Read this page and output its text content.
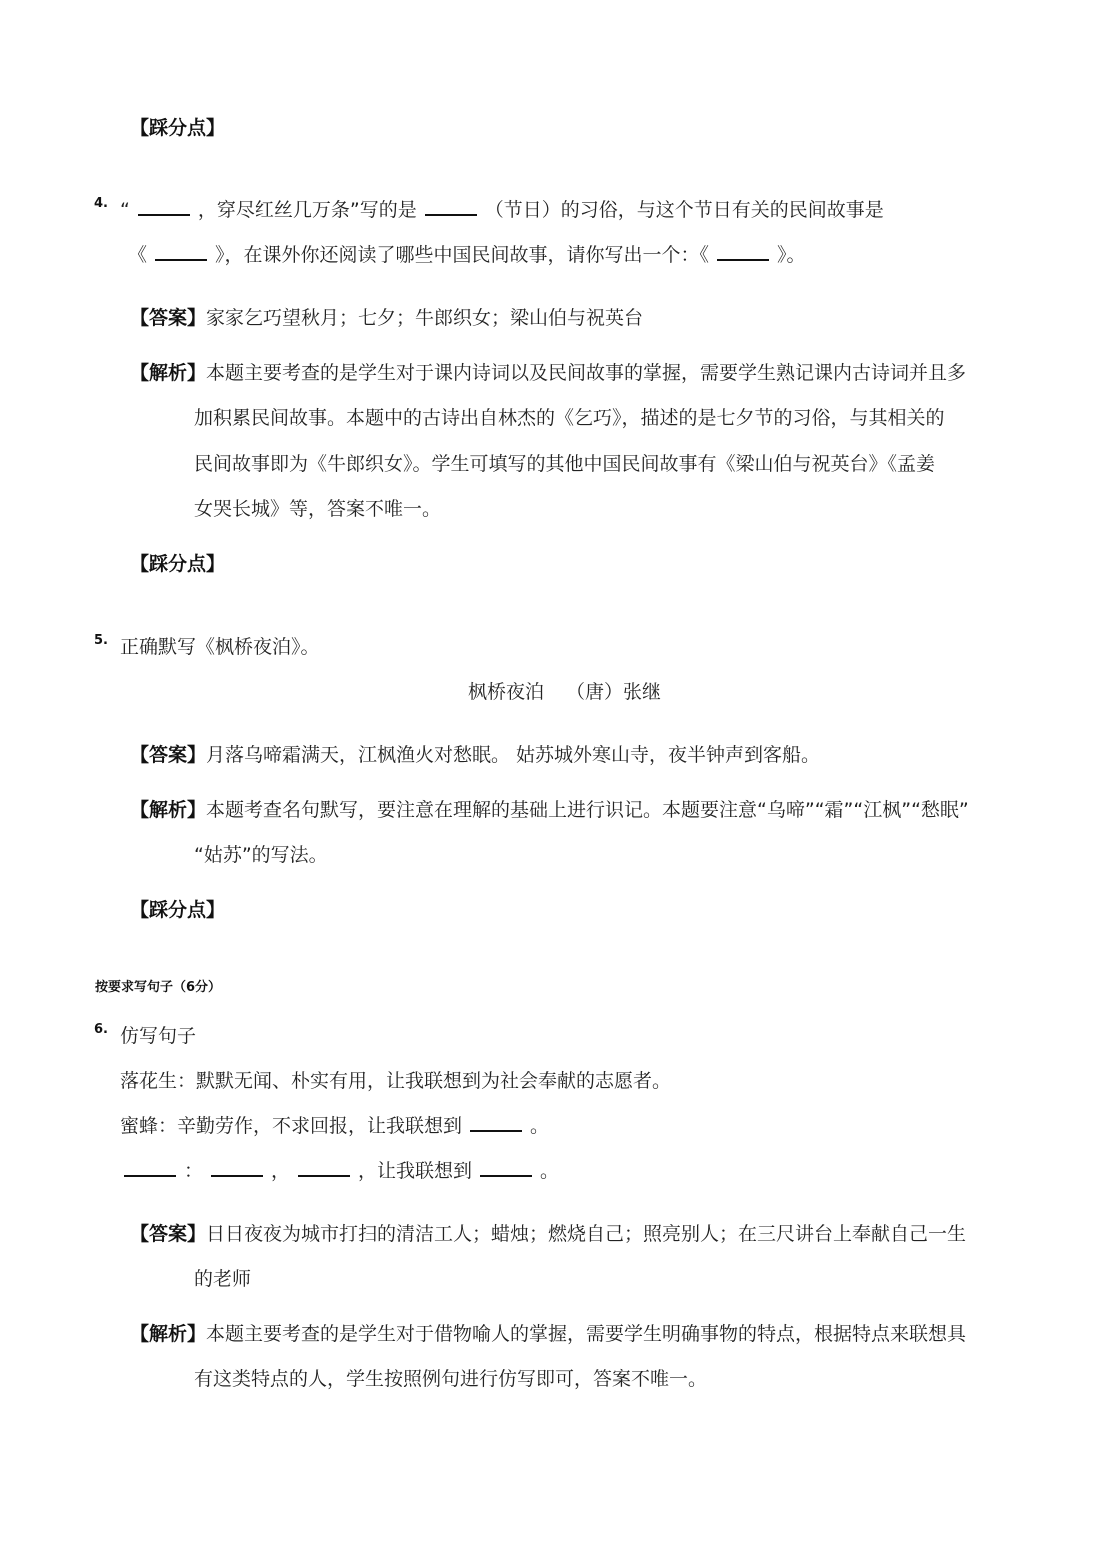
【踩分点】
4. “	，穿尽红丝几万条”写的是	（节日）的习俗，与这个节日有关的民间故事是
《	》，在课外你还阅读了哪些中国民间故事，请你写出一个：《	》。
【答案】家家乞巧望秋月；七夕；牛郎织女；梁山伯与祝英台
【解析】本题主要考查的是学生对于课内诗词以及民间故事的掌握，需要学生熟记课内古诗词并且多
加积累民间故事。本题中的古诗出自林杰的《乞巧》，描述的是七夕节的习俗，与其相关的
民间故事即为《牛郎织女》。学生可填写的其他中国民间故事有《梁山伯与祝英台》《孟姜
女哭长城》等，答案不唯一。
【踩分点】
5. 正确默写《枫桥夜泊》。
枫桥夜泊 （唐）张继
【答案】月落乌啼霜满天，江枫渔火对愁眠。 姑苏城外寒山寺，夜半钟声到客船。
【解析】本题考查名句默写，要注意在理解的基础上进行识记。本题要注意“乌啼”“霜”“江枫”“愁眠”
“姑苏”的写法。
【踩分点】
按要求写句子（6分）
6. 仿写句子
落花生：默默无闻、朴实有用，让我联想到为社会奉献的志愿者。
蜜蜂：辛勤劳作，不求回报，让我联想到	。
：	，	，让我联想到	。
【答案】日日夜夜为城市打扫的清洁工人；蜡烛；燃烧自己；照亮别人；在三尺讲台上奉献自己一生
的老师
【解析】本题主要考查的是学生对于借物喻人的掌握，需要学生明确事物的特点，根据特点来联想具
有这类特点的人，学生按照例句进行仿写即可，答案不唯一。
